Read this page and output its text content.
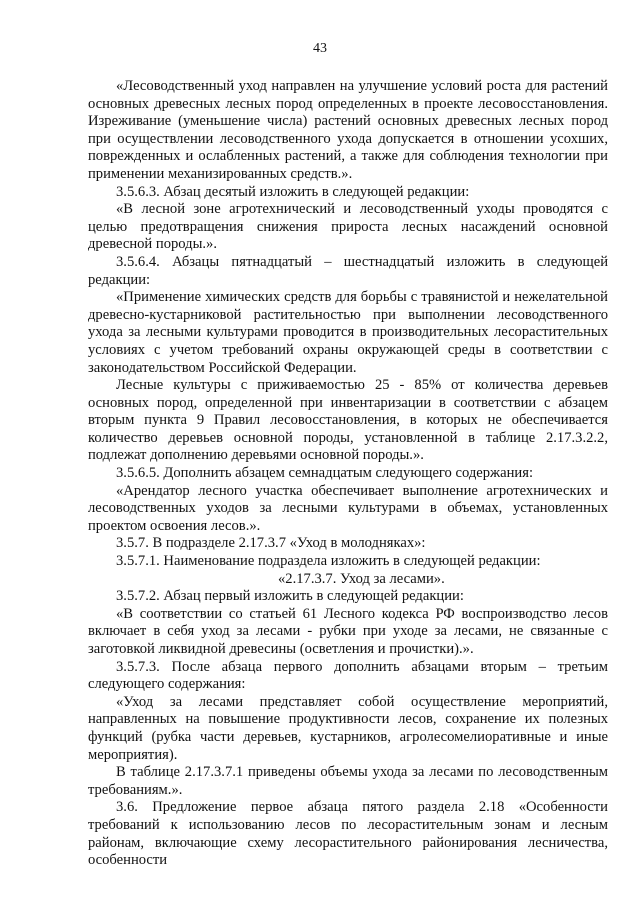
43

«Лесоводственный уход направлен на улучшение условий роста для растений основных древесных лесных пород определенных в проекте лесовосстановления. Изреживание (уменьшение числа) растений основных древесных лесных пород при осуществлении лесоводственного ухода допускается в отношении усохших, поврежденных и ослабленных растений, а также для соблюдения технологии при применении механизированных средств.».

3.5.6.3. Абзац десятый изложить в следующей редакции:

«В лесной зоне агротехнический и лесоводственный уходы проводятся с целью предотвращения снижения прироста лесных насаждений основной древесной породы.».

3.5.6.4. Абзацы пятнадцатый – шестнадцатый изложить в следующей редакции:

«Применение химических средств для борьбы с травянистой и нежелательной древесно-кустарниковой растительностью при выполнении лесоводственного ухода за лесными культурами проводится в производительных лесорастительных условиях с учетом требований охраны окружающей среды в соответствии с законодательством Российской Федерации.

Лесные культуры с приживаемостью 25 - 85% от количества деревьев основных пород, определенной при инвентаризации в соответствии с абзацем вторым пункта 9 Правил лесовосстановления, в которых не обеспечивается количество деревьев основной породы, установленной в таблице 2.17.3.2.2, подлежат дополнению деревьями основной породы.».

3.5.6.5. Дополнить абзацем семнадцатым следующего содержания:

«Арендатор лесного участка обеспечивает выполнение агротехнических и лесоводственных уходов за лесными культурами в объемах, установленных проектом освоения лесов.».

3.5.7. В подразделе 2.17.3.7 «Уход в молодняках»:

3.5.7.1. Наименование подраздела изложить в следующей редакции:

«2.17.3.7. Уход за лесами».

3.5.7.2. Абзац первый изложить в следующей редакции:

«В соответствии со статьей 61 Лесного кодекса РФ воспроизводство лесов включает в себя уход за лесами - рубки при уходе за лесами, не связанные с заготовкой ликвидной древесины (осветления и прочистки).».

3.5.7.3. После абзаца первого дополнить абзацами вторым – третьим следующего содержания:

«Уход за лесами представляет собой осуществление мероприятий, направленных на повышение продуктивности лесов, сохранение их полезных функций (рубка части деревьев, кустарников, агролесомелиоративные и иные мероприятия).

В таблице 2.17.3.7.1 приведены объемы ухода за лесами по лесоводственным требованиям.».

3.6. Предложение первое абзаца пятого раздела 2.18 «Особенности требований к использованию лесов по лесорастительным зонам и лесным районам, включающие схему лесорастительного районирования лесничества, особенности
